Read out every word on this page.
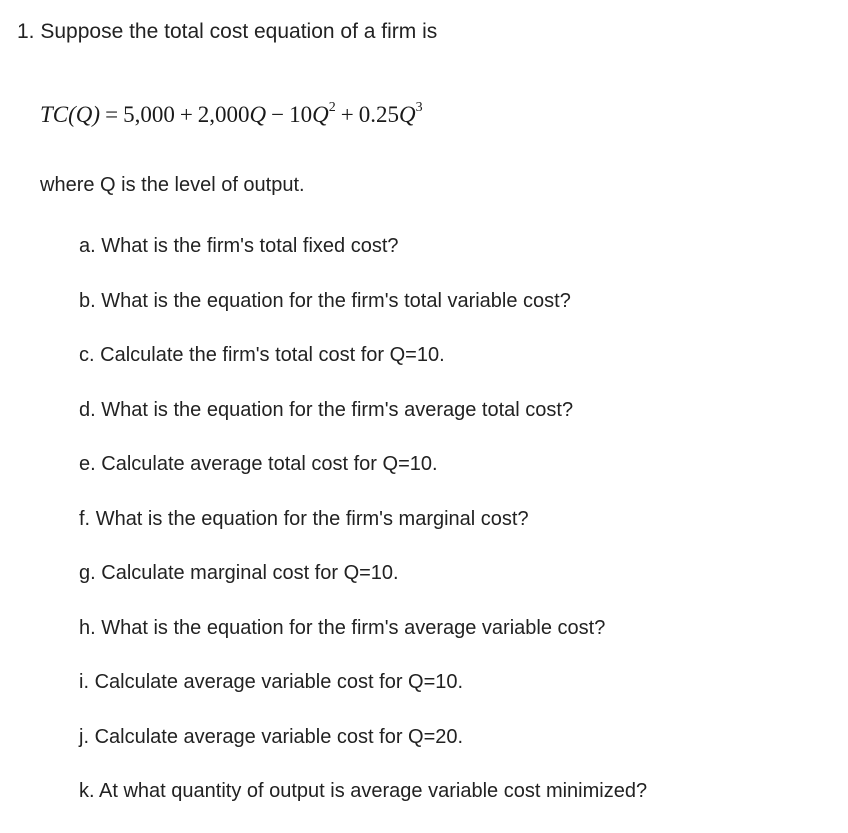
1. Suppose the total cost equation of a firm is
$TC(Q) = 5,000 + 2,000Q - 10Q^2 + 0.25Q^3$
where Q is the level of output.
a. What is the firm's total fixed cost?
b. What is the equation for the firm's total variable cost?
c. Calculate the firm's total cost for Q=10.
d. What is the equation for the firm's average total cost?
e. Calculate average total cost for Q=10.
f. What is the equation for the firm's marginal cost?
g. Calculate marginal cost for Q=10.
h. What is the equation for the firm's average variable cost?
i. Calculate average variable cost for Q=10.
j. Calculate average variable cost for Q=20.
k. At what quantity of output is average variable cost minimized?
